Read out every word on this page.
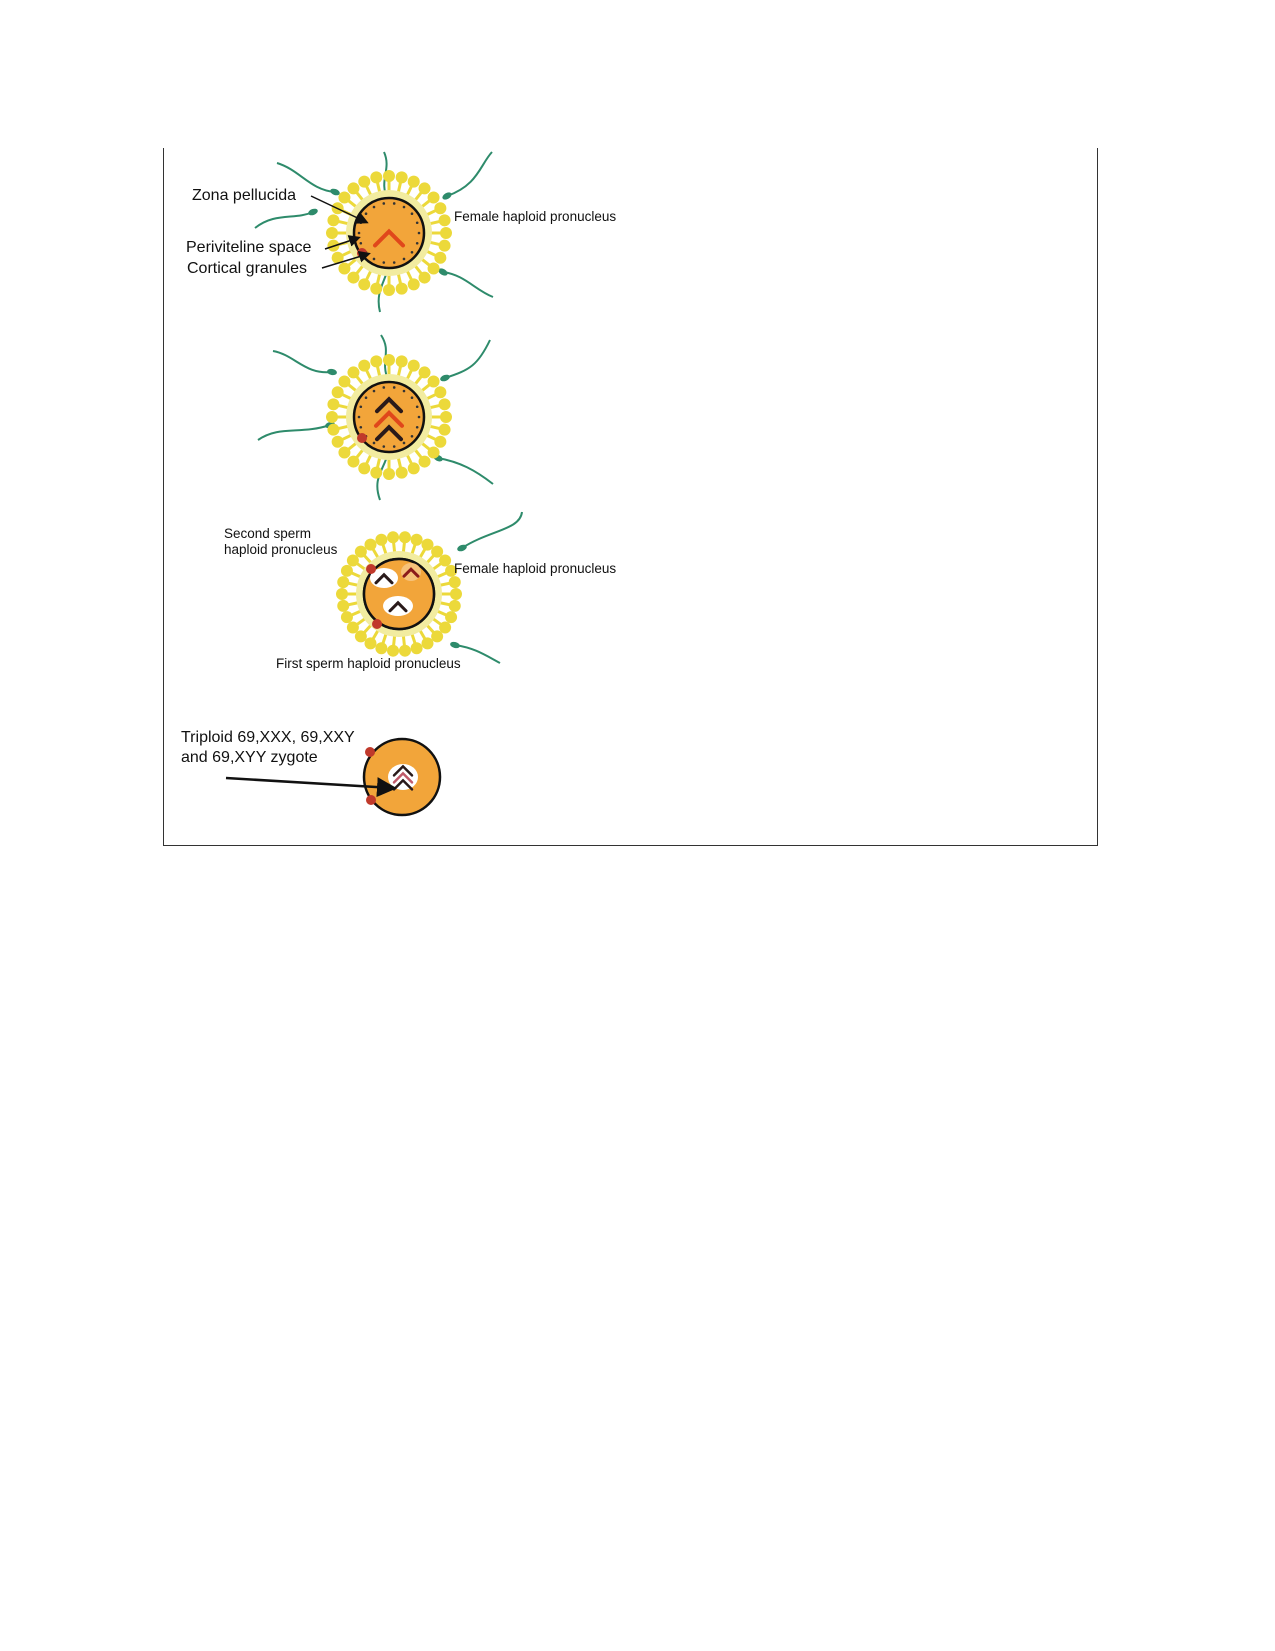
Zona pellucida
Periviteline space
Cortical granules
Female haploid pronucleus
Second sperm
haploid pronucleus
Female haploid pronucleus
First sperm haploid pronucleus
Triploid 69,XXX, 69,XXY
and 69,XYY zygote
